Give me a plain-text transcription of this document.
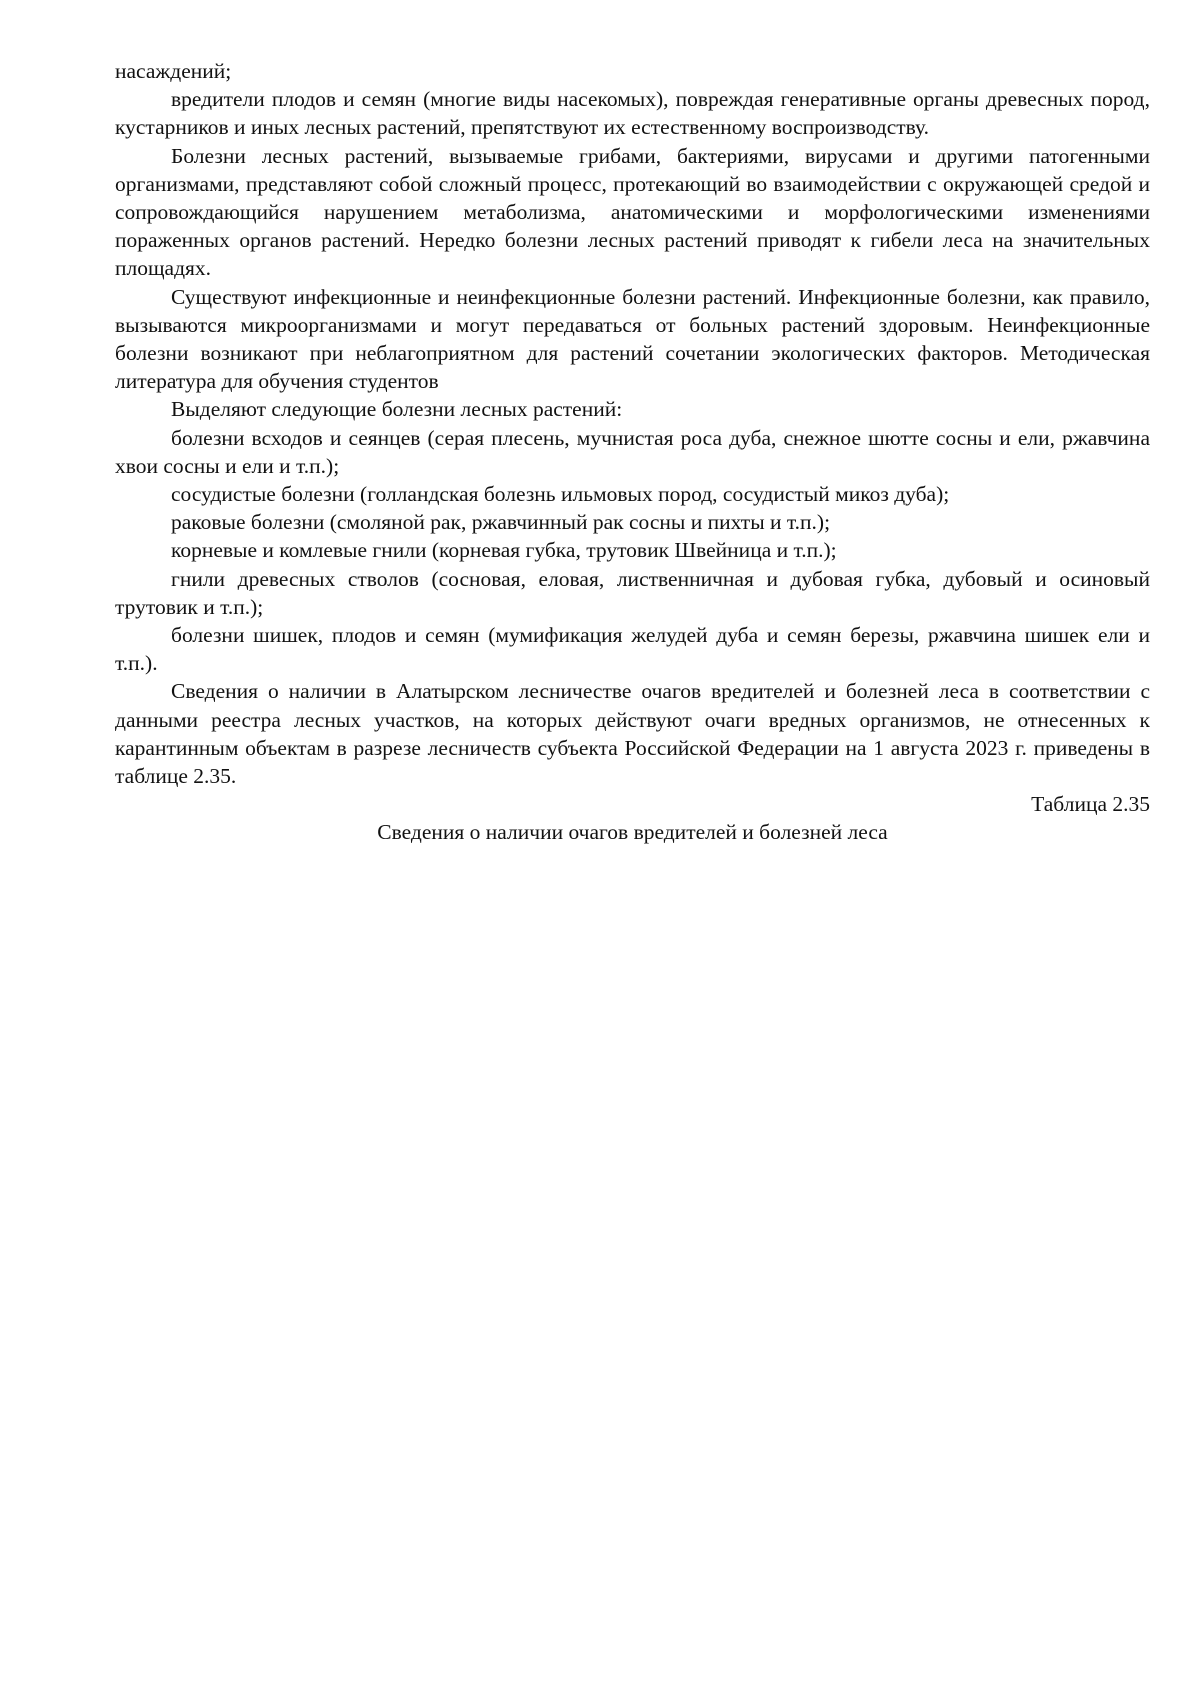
насаждений;

вредители плодов и семян (многие виды насекомых), повреждая генеративные органы древесных пород, кустарников и иных лесных растений, препятствуют их естественному воспроизводству.

Болезни лесных растений, вызываемые грибами, бактериями, вирусами и другими патогенными организмами, представляют собой сложный процесс, протекающий во взаимодействии с окружающей средой и сопровождающийся нарушением метаболизма, анатомическими и морфологическими изменениями пораженных органов растений. Нередко болезни лесных растений приводят к гибели леса на значительных площадях.

Существуют инфекционные и неинфекционные болезни растений. Инфекционные болезни, как правило, вызываются микроорганизмами и могут передаваться от больных растений здоровым. Неинфекционные болезни возникают при неблагоприятном для растений сочетании экологических факторов. Методическая литература для обучения студентов

Выделяют следующие болезни лесных растений:

болезни всходов и сеянцев (серая плесень, мучнистая роса дуба, снежное шютте сосны и ели, ржавчина хвои сосны и ели и т.п.);

сосудистые болезни (голландская болезнь ильмовых пород, сосудистый микоз дуба);

раковые болезни (смоляной рак, ржавчинный рак сосны и пихты и т.п.);

корневые и комлевые гнили (корневая губка, трутовик Швейница и т.п.);

гнили древесных стволов (сосновая, еловая, лиственничная и дубовая губка, дубовый и осиновый трутовик и т.п.);

болезни шишек, плодов и семян (мумификация желудей дуба и семян березы, ржавчина шишек ели и т.п.).

Сведения о наличии в Алатырском лесничестве очагов вредителей и болезней леса в соответствии с данными реестра лесных участков, на которых действуют очаги вредных организмов, не отнесенных к карантинным объектам в разрезе лесничеств субъекта Российской Федерации на 1 августа 2023 г. приведены в таблице 2.35.

Таблица 2.35

Сведения о наличии очагов вредителей и болезней леса
